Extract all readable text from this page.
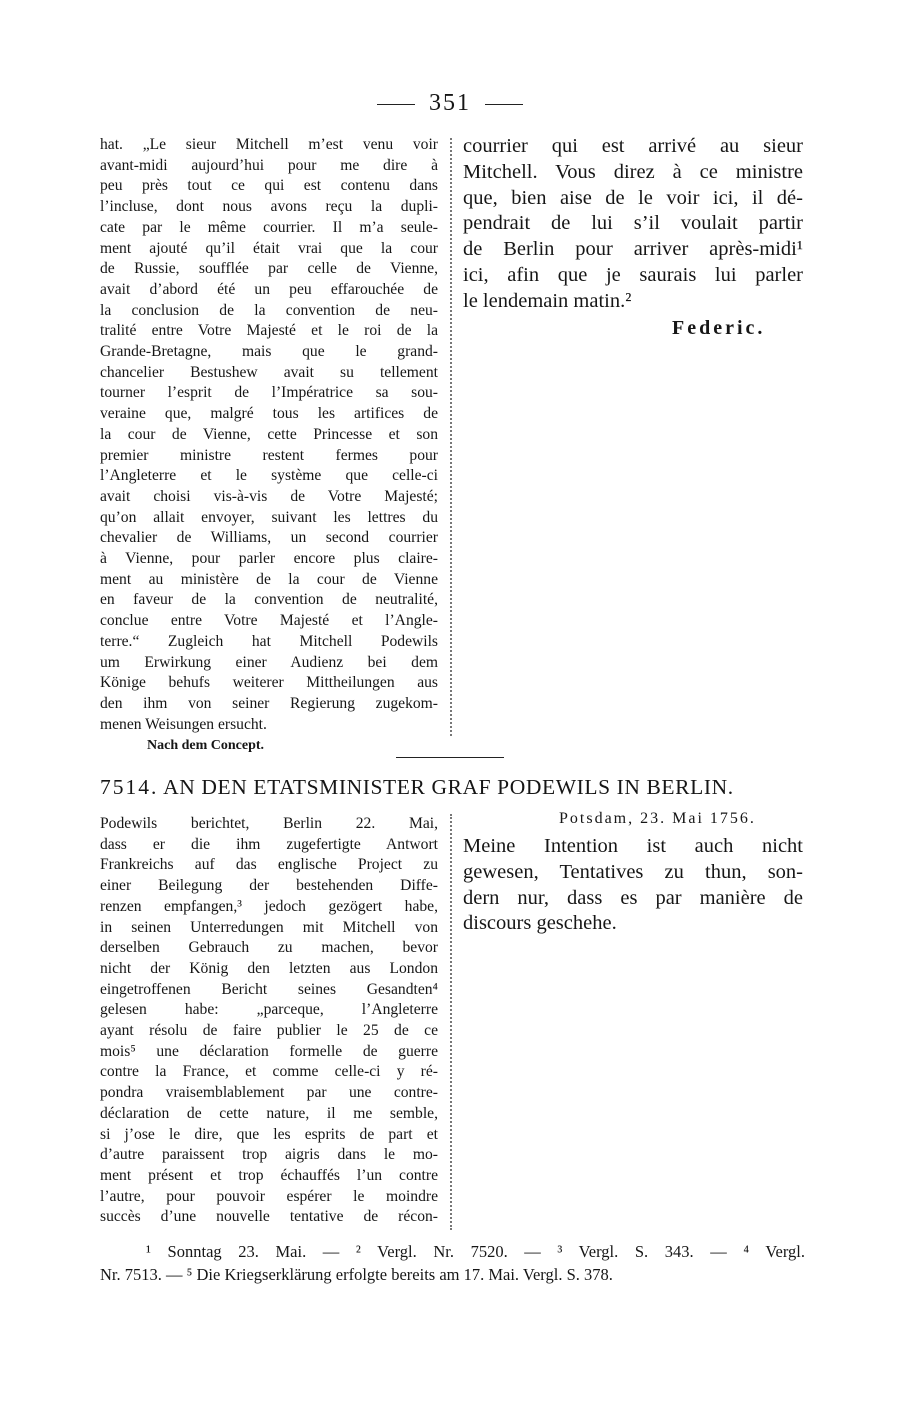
351
hat. „Le sieur Mitchell m’est venu voir
avant-midi aujourd’hui pour me dire à
peu près tout ce qui est contenu dans
l’incluse, dont nous avons reçu la dupli-
cate par le même courrier. Il m’a seule-
ment ajouté qu’il était vrai que la cour
de Russie, soufflée par celle de Vienne,
avait d’abord été un peu effarouchée de
la conclusion de la convention de neu-
tralité entre Votre Majesté et le roi de la
Grande-Bretagne, mais que le grand-
chancelier Bestushew avait su tellement
tourner l’esprit de l’Impératrice sa sou-
veraine que, malgré tous les artifices de
la cour de Vienne, cette Princesse et son
premier ministre restent fermes pour
l’Angleterre et le système que celle-ci
avait choisi vis-à-vis de Votre Majesté;
qu’on allait envoyer, suivant les lettres du
chevalier de Williams, un second courrier
à Vienne, pour parler encore plus claire-
ment au ministère de la cour de Vienne
en faveur de la convention de neutralité,
conclue entre Votre Majesté et l’Angle-
terre.“ Zugleich hat Mitchell Podewils
um Erwirkung einer Audienz bei dem
Könige behufs weiterer Mittheilungen aus
den ihm von seiner Regierung zugekom-
menen Weisungen ersucht.
Nach dem Concept.
courrier qui est arrivé au sieur
Mitchell. Vous direz à ce ministre
que, bien aise de le voir ici, il dé-
pendrait de lui s’il voulait partir
de Berlin pour arriver après-midi¹
ici, afin que je saurais lui parler
le lendemain matin.²
Federic.
7514. AN DEN ETATSMINISTER GRAF PODEWILS IN BERLIN.
Potsdam, 23. Mai 1756.
Podewils berichtet, Berlin 22. Mai,
dass er die ihm zugefertigte Antwort
Frankreichs auf das englische Project zu
einer Beilegung der bestehenden Diffe-
renzen empfangen,³ jedoch gezögert habe,
in seinen Unterredungen mit Mitchell von
derselben Gebrauch zu machen, bevor
nicht der König den letzten aus London
eingetroffenen Bericht seines Gesandten⁴
gelesen habe: „parceque, l’Angleterre
ayant résolu de faire publier le 25 de ce
mois⁵ une déclaration formelle de guerre
contre la France, et comme celle-ci y ré-
pondra vraisemblablement par une contre-
déclaration de cette nature, il me semble,
si j’ose le dire, que les esprits de part et
d’autre paraissent trop aigris dans le mo-
ment présent et trop échauffés l’un contre
l’autre, pour pouvoir espérer le moindre
succès d’une nouvelle tentative de récon-
Meine Intention ist auch nicht
gewesen, Tentatives zu thun, son-
dern nur, dass es par manière de
discours geschehe.
¹ Sonntag 23. Mai. — ² Vergl. Nr. 7520. — ³ Vergl. S. 343. — ⁴ Vergl.
Nr. 7513. — ⁵ Die Kriegserklärung erfolgte bereits am 17. Mai. Vergl. S. 378.
